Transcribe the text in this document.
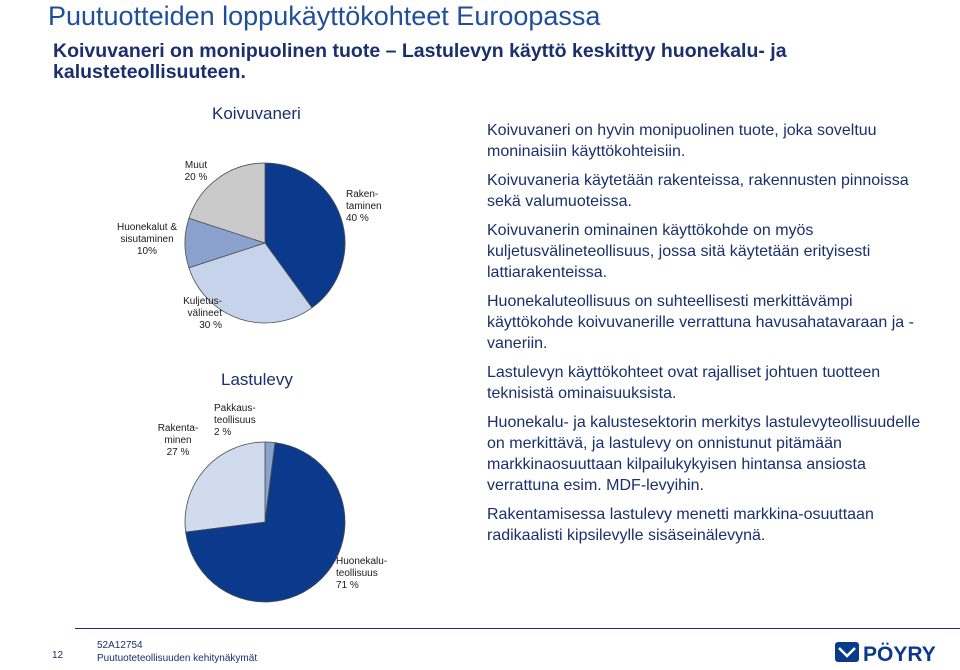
Puutuotteiden loppukäyttökohteet Euroopassa
Koivuvaneri on monipuolinen tuote – Lastulevyn käyttö keskittyy huonekalu- ja kalusteteollisuuteen.
Koivuvaneri
Lastulevy
Raken-
taminen
40 %
Kuljetus-
välineet
30 %
Huonekalut &
sisutaminen
10%
Muut
20 %
Pakkaus-
teollisuus
2 %
Huonekalu-
teollisuus
71 %
Rakenta-
minen
27 %

Koivuvaneri on hyvin monipuolinen tuote, joka soveltuu moninaisiin käyttökohteisiin.

Koivuvaneria käytetään rakenteissa, rakennusten pinnoissa sekä valumuoteissa.

Koivuvanerin ominainen käyttökohde on myös kuljetusvälineteollisuus, jossa sitä käytetään erityisesti lattiarakenteissa.

Huonekaluteollisuus on suhteellisesti merkittävämpi käyttökohde koivuvanerille verrattuna havusahatavaraan ja -vaneriin.

Lastulevyn käyttökohteet ovat rajalliset johtuen tuotteen teknisistä ominaisuuksista.

Huonekalu- ja kalustesektorin merkitys lastulevyteollisuudelle on merkittävä, ja lastulevy on onnistunut pitämään markkinaosuuttaan kilpailukykyisen hintansa ansiosta verrattuna esim. MDF-levyihin.

Rakentamisessa lastulevy menetti markkina-osuuttaan radikaalisti kipsilevylle sisäseinälevynä.

12
52A12754
Puutuoteteollisuuden kehitynäkymät	PÖYRY
